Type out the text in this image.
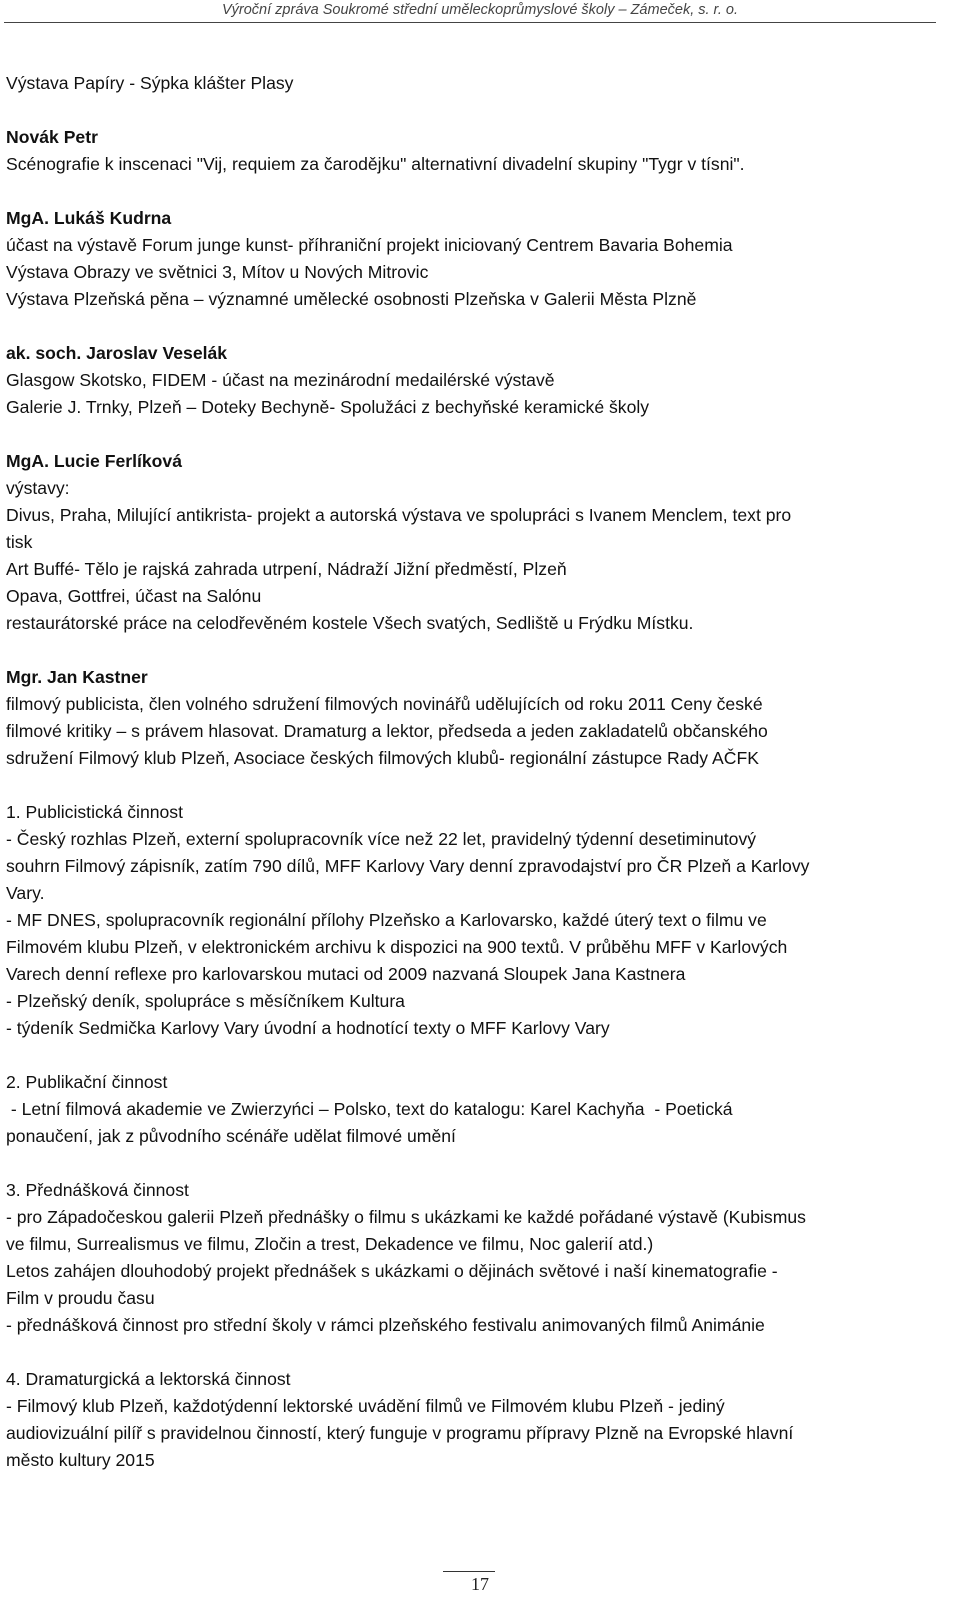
Výroční zpráva Soukromé střední uměleckoprůmyslové školy – Zámeček, s. r. o.

Výstava Papíry - Sýpka klášter Plasy

Novák Petr

Scénografie k inscenaci "Vij, requiem za čarodějku" alternativní divadelní skupiny "Tygr v tísni".

MgA. Lukáš Kudrna

účast na výstavě Forum junge kunst- příhraniční projekt iniciovaný Centrem Bavaria Bohemia

Výstava Obrazy ve světnici 3, Mítov u Nových Mitrovic

Výstava Plzeňská pěna – významné umělecké osobnosti Plzeňska v Galerii Města Plzně

ak. soch. Jaroslav Veselák

Glasgow Skotsko, FIDEM - účast na mezinárodní medailérské výstavě

Galerie J. Trnky, Plzeň – Doteky Bechyně- Spolužáci z bechyňské keramické školy

MgA. Lucie Ferlíková

výstavy:

Divus, Praha, Milující antikrista- projekt a autorská výstava ve spolupráci s Ivanem Menclem, text pro

tisk

Art Buffé- Tělo je rajská zahrada utrpení, Nádraží Jižní předměstí, Plzeň

Opava, Gottfrei, účast na Salónu

restaurátorské práce na celodřevěném kostele Všech svatých, Sedliště u Frýdku Místku.

Mgr. Jan Kastner

filmový publicista, člen volného sdružení filmových novinářů udělujících od roku 2011 Ceny české

filmové kritiky – s právem hlasovat. Dramaturg a lektor, předseda a jeden zakladatelů občanského

sdružení Filmový klub Plzeň, Asociace českých filmových klubů- regionální zástupce Rady AČFK

1. Publicistická činnost

- Český rozhlas Plzeň, externí spolupracovník více než 22 let, pravidelný týdenní desetiminutový

souhrn Filmový zápisník, zatím 790 dílů, MFF Karlovy Vary denní zpravodajství pro ČR Plzeň a Karlovy

Vary.

- MF DNES, spolupracovník regionální přílohy Plzeňsko a Karlovarsko, každé úterý text o filmu ve

Filmovém klubu Plzeň, v elektronickém archivu k dispozici na 900 textů. V průběhu MFF v Karlových

Varech denní reflexe pro karlovarskou mutaci od 2009 nazvaná Sloupek Jana Kastnera

- Plzeňský deník, spolupráce s měsíčníkem Kultura

- týdeník Sedmička Karlovy Vary úvodní a hodnotící texty o MFF Karlovy Vary

2. Publikační činnost

- Letní filmová akademie ve Zwierzyńci – Polsko, text do katalogu: Karel Kachyňa  - Poetická

ponaučení, jak z původního scénáře udělat filmové umění

3. Přednášková činnost

- pro Západočeskou galerii Plzeň přednášky o filmu s ukázkami ke každé pořádané výstavě (Kubismus

ve filmu, Surrealismus ve filmu, Zločin a trest, Dekadence ve filmu, Noc galerií atd.)

Letos zahájen dlouhodobý projekt přednášek s ukázkami o dějinách světové i naší kinematografie -

Film v proudu času

- přednášková činnost pro střední školy v rámci plzeňského festivalu animovaných filmů Animánie

4. Dramaturgická a lektorská činnost

- Filmový klub Plzeň, každotýdenní lektorské uvádění filmů ve Filmovém klubu Plzeň - jediný

audiovizuální pilíř s pravidelnou činností, který funguje v programu přípravy Plzně na Evropské hlavní

město kultury 2015

17
